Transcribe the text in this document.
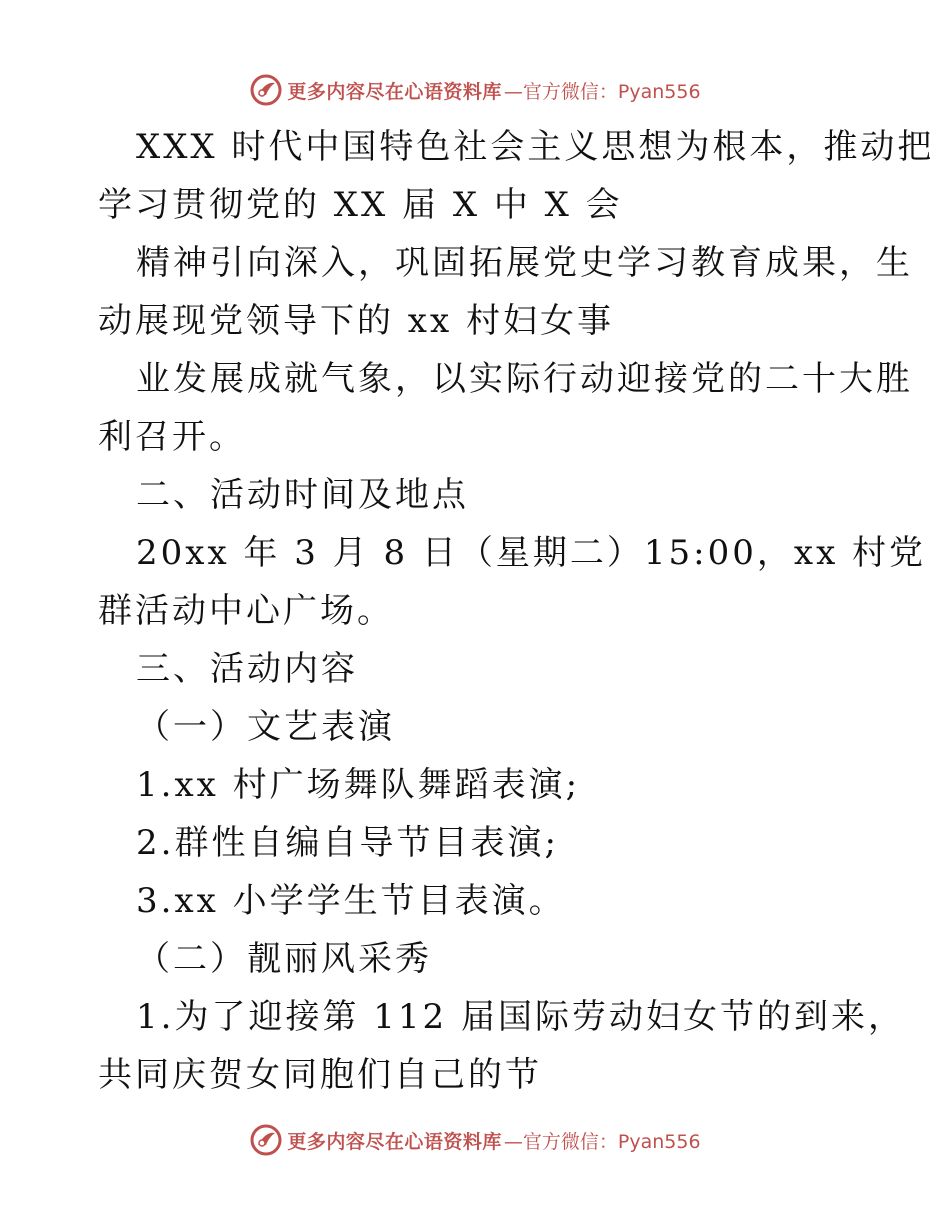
更多内容尽在心语资料库 —官方微信：Pyan556
XXX 时代中国特色社会主义思想为根本，推动把
学习贯彻党的 XX 届 X 中 X 会
精神引向深入，巩固拓展党史学习教育成果，生
动展现党领导下的 xx 村妇女事
业发展成就气象，以实际行动迎接党的二十大胜
利召开。
二、活动时间及地点
20xx 年 3 月 8 日（星期二）15:00，xx 村党
群活动中心广场。
三、活动内容
（一）文艺表演
1.xx 村广场舞队舞蹈表演;
2.群性自编自导节目表演;
3.xx 小学学生节目表演。
（二）靓丽风采秀
1.为了迎接第 112 届国际劳动妇女节的到来，
共同庆贺女同胞们自己的节
更多内容尽在心语资料库 —官方微信：Pyan556
